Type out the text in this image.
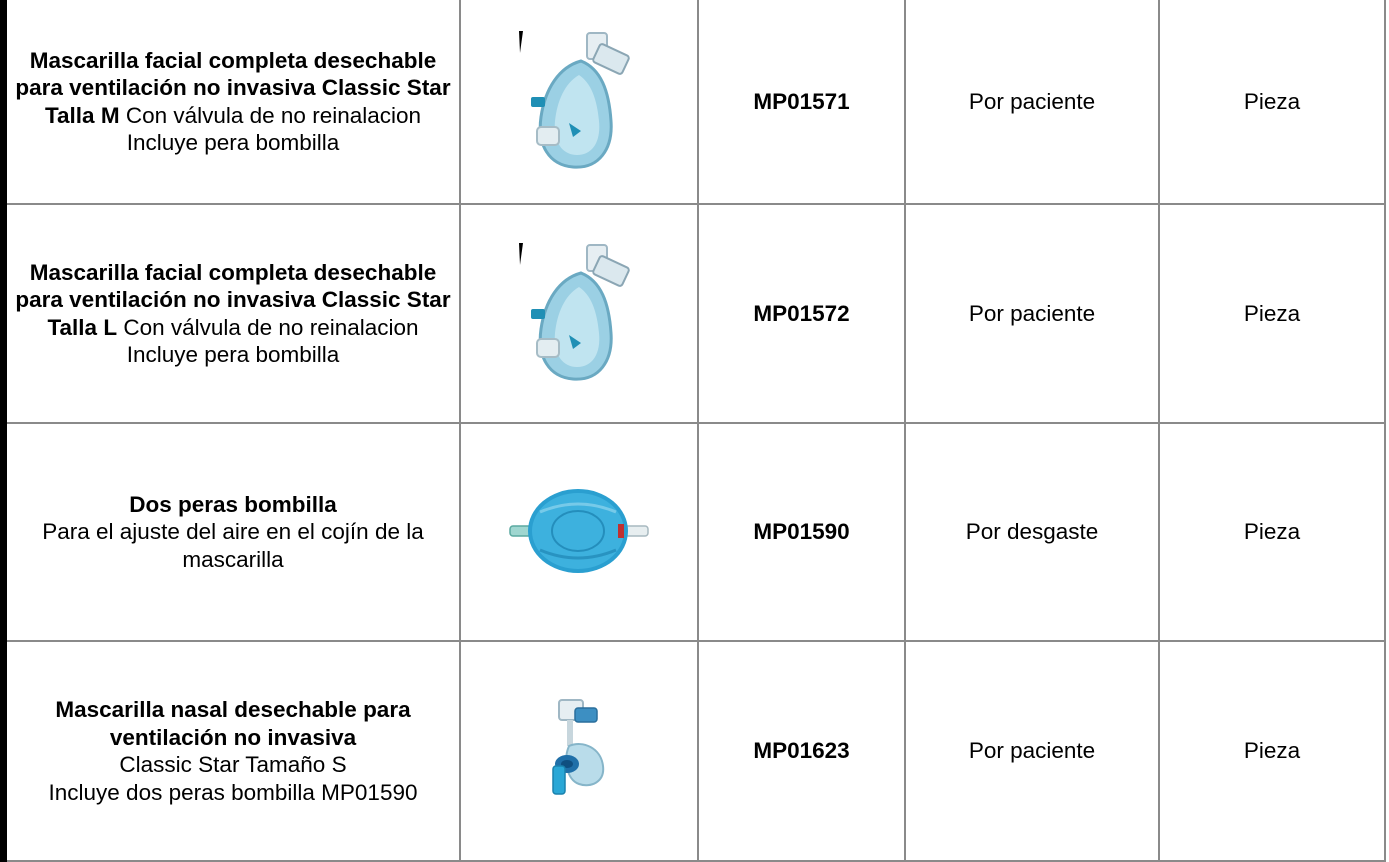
Mascarilla facial completa desechable para ventilación no invasiva Classic Star Talla M Con válvula de no reinalacion
Incluye pera bombilla		MP01571	Por paciente	Pieza
Mascarilla facial completa desechable para ventilación no invasiva Classic Star Talla L Con válvula de no reinalacion
Incluye pera bombilla		MP01572	Por paciente	Pieza

Dos peras bombilla
Para el ajuste del aire en el cojín de la mascarilla		MP01590	Por desgaste	Pieza

Mascarilla nasal desechable para ventilación no invasiva
Classic Star Tamaño S
Incluye dos peras bombilla MP01590		MP01623	Por paciente	Pieza
